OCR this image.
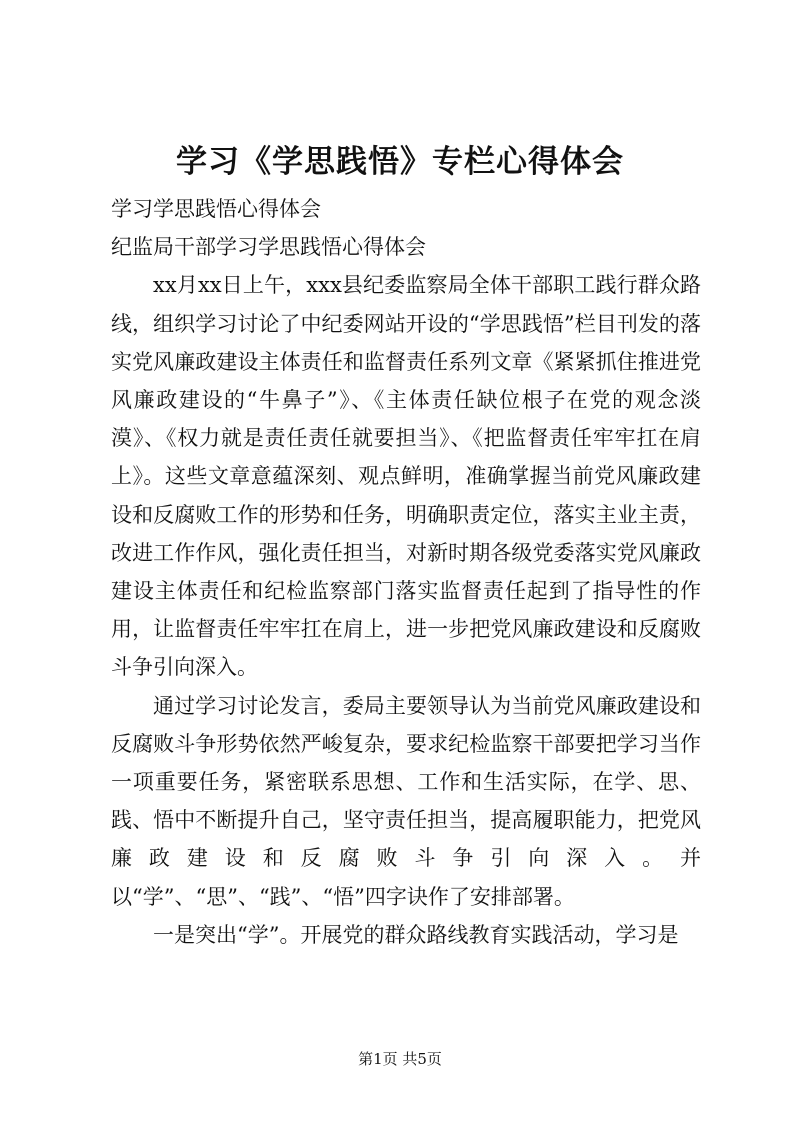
学习《学思践悟》专栏心得体会

学习学思践悟心得体会

纪监局干部学习学思践悟心得体会

xx月xx日上午，xxx县纪委监察局全体干部职工践行群众路线，组织学习讨论了中纪委网站开设的“学思践悟”栏目刊发的落实党风廉政建设主体责任和监督责任系列文章《紧紧抓住推进党风廉政建设的“牛鼻子”》、《主体责任缺位根子在党的观念淡漠》、《权力就是责任责任就要担当》、《把监督责任牢牢扛在肩上》。这些文章意蕴深刻、观点鲜明，准确掌握当前党风廉政建设和反腐败工作的形势和任务，明确职责定位，落实主业主责，改进工作作风，强化责任担当，对新时期各级党委落实党风廉政建设主体责任和纪检监察部门落实监督责任起到了指导性的作用，让监督责任牢牢扛在肩上，进一步把党风廉政建设和反腐败斗争引向深入。

通过学习讨论发言，委局主要领导认为当前党风廉政建设和反腐败斗争形势依然严峻复杂，要求纪检监察干部要把学习当作一项重要任务，紧密联系思想、工作和生活实际，在学、思、践、悟中不断提升自己，坚守责任担当，提高履职能力，把党风廉政建设和反腐败斗争引向深入。并以“学”、“思”、“践”、“悟”四字诀作了安排部署。

一是突出“学”。开展党的群众路线教育实践活动，学习是

第1页 共5页
